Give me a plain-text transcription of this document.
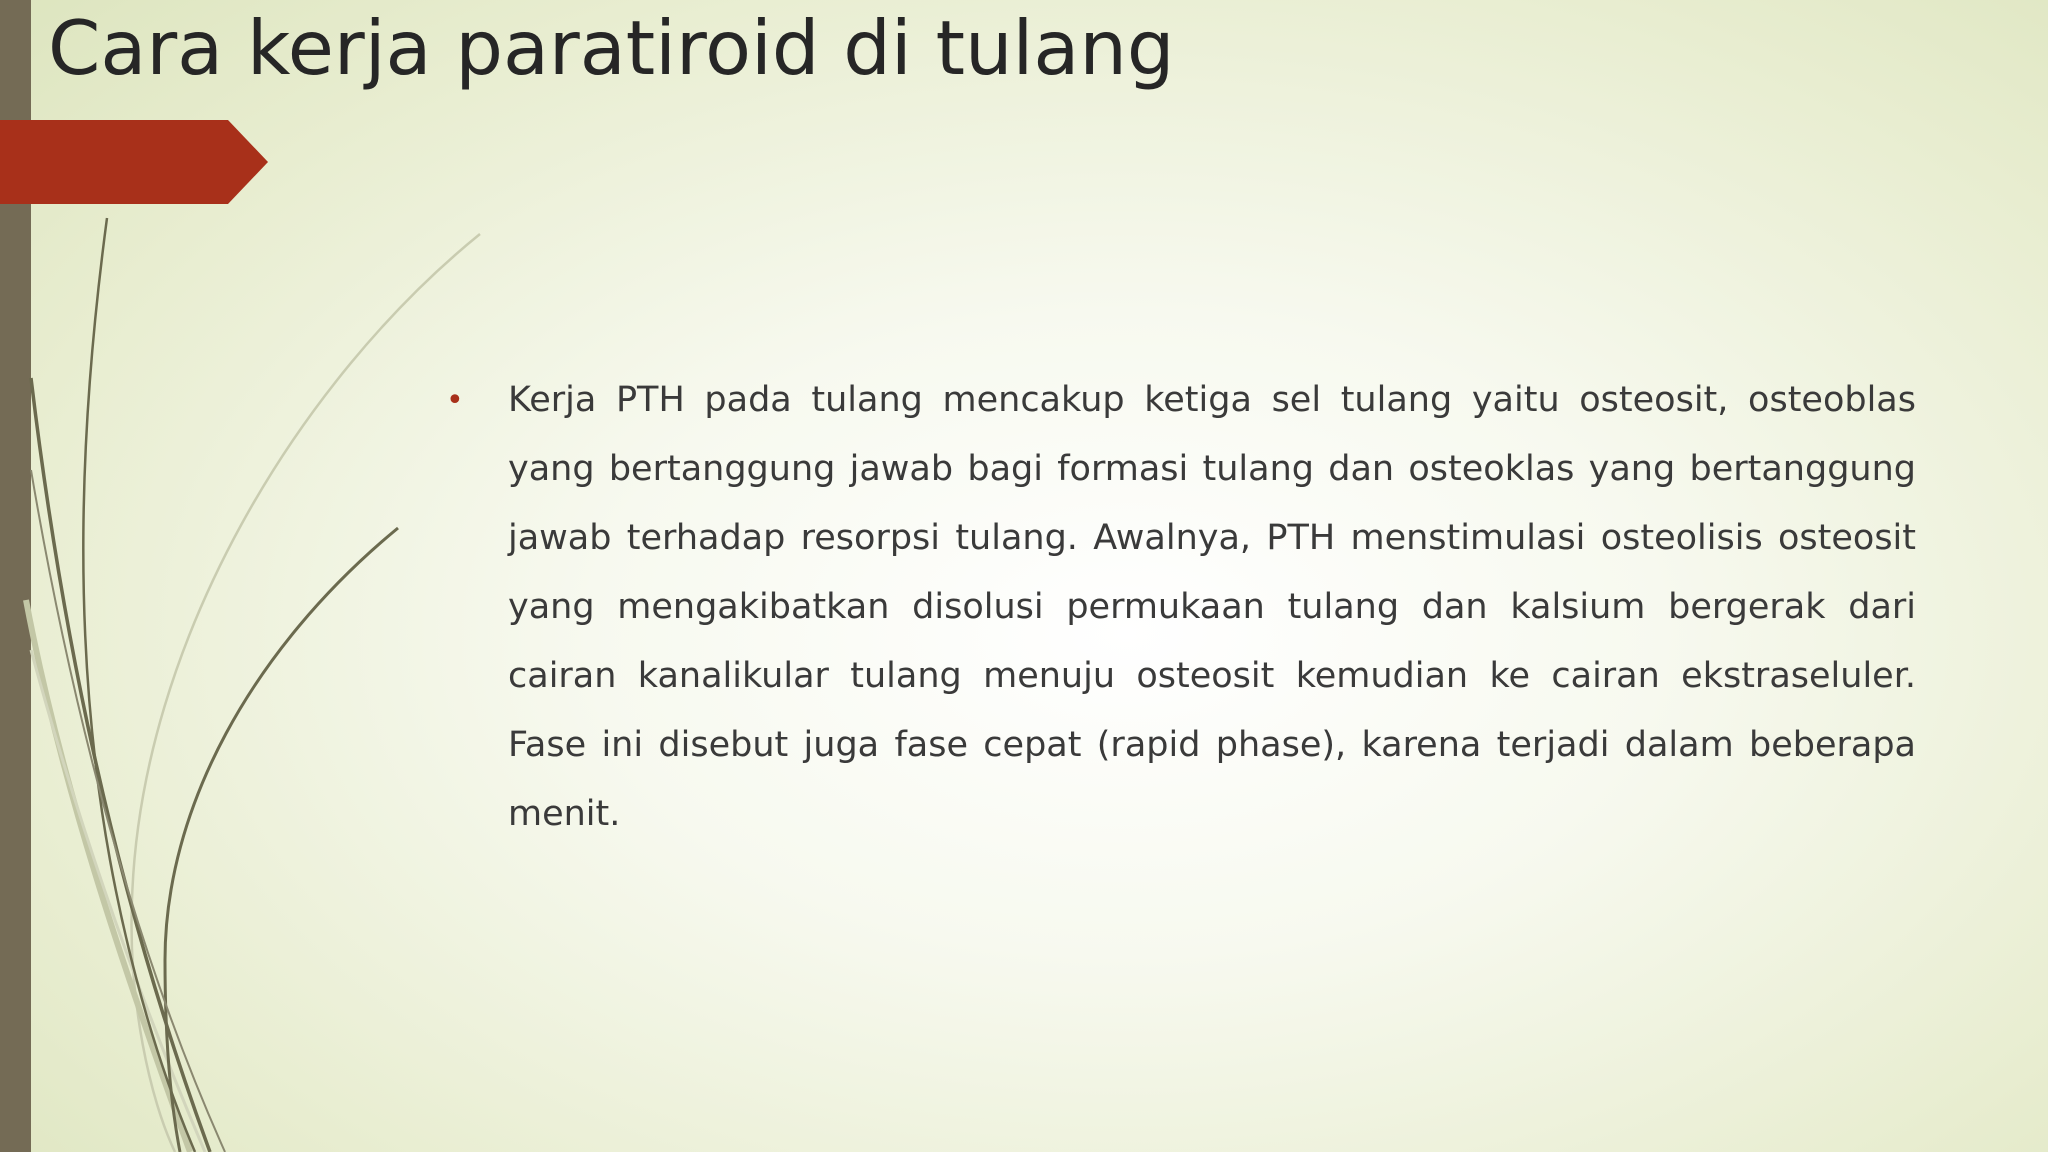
Cara kerja paratiroid di tulang
• Kerja PTH pada tulang mencakup ketiga sel tulang yaitu osteosit, osteoblas yang bertanggung jawab bagi formasi tulang dan osteoklas yang bertanggung jawab terhadap resorpsi tulang. Awalnya, PTH menstimulasi osteolisis osteosit yang mengakibatkan disolusi permukaan tulang dan kalsium bergerak dari cairan kanalikular tulang menuju osteosit kemudian ke cairan ekstraseluler. Fase ini disebut juga fase cepat (rapid phase), karena terjadi dalam beberapa menit.
